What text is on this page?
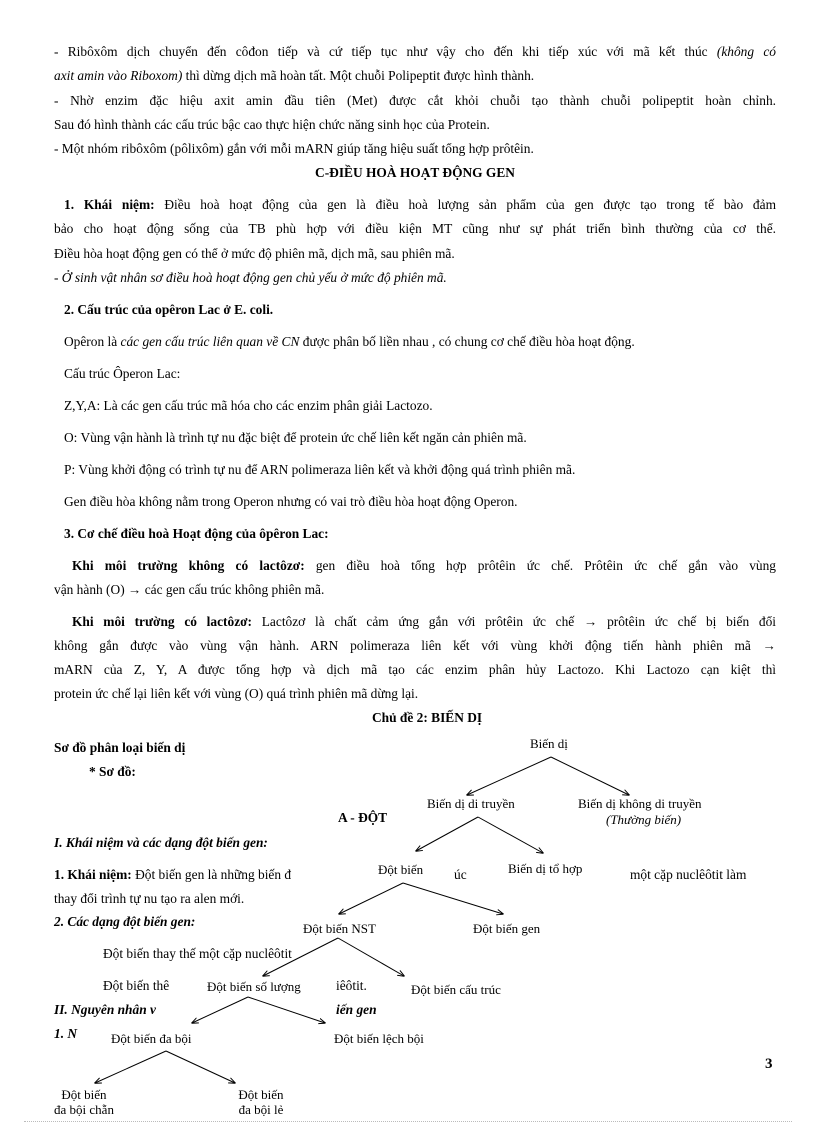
- Ribôxôm dịch chuyển đến côđon tiếp và cứ tiếp tục như vậy cho đến khi tiếp xúc với mã kết thúc (không có
axit amin vào Riboxom) thì dừng dịch mã hoàn tất. Một chuỗi Polipeptit được hình thành.
- Nhờ enzim đặc hiệu axit amin đầu tiên (Met) được cắt khỏi chuỗi tạo thành chuỗi polipeptit hoàn chỉnh.
Sau đó hình thành các cấu trúc bậc cao thực hiện chức năng sinh học của Protein.
- Một nhóm ribôxôm (pôlixôm) gắn với mỗi mARN giúp tăng hiệu suất tổng hợp prôtêin.
C-ĐIỀU HOÀ HOẠT ĐỘNG GEN
1. Khái niệm: Điều hoà hoạt động của gen là điều hoà lượng sản phẩm của gen được tạo trong tế bào đảm
bảo cho hoạt động sống của TB phù hợp với điều kiện MT cũng như sự phát triển bình thường của cơ thể.
Điều hòa hoạt động gen có thể ở mức độ phiên mã, dịch mã, sau phiên mã.
- Ở sinh vật nhân sơ điều hoà hoạt động gen chủ yếu ở mức độ phiên mã.
2. Cấu trúc của opêron Lac ở E. coli.
Opêron là các gen cấu trúc liên quan về CN được phân bố liền nhau , có chung cơ chế điều hòa hoạt động.
Cấu trúc Ôperon Lac:
Z,Y,A: Là các gen cấu trúc mã hóa cho các enzim phân giải Lactozo.
O: Vùng vận hành là trình tự nu đặc biệt để protein ức chế liên kết ngăn cản phiên mã.
P: Vùng khởi động có trình tự nu để ARN polimeraza liên kết và khởi động quá trình phiên mã.
Gen điều hòa không nằm trong Operon nhưng có vai trò điều hòa hoạt động Operon.
3. Cơ chế điều hoà Hoạt động của ôpêron Lac:
Khi môi trường không có lactôzơ: gen điều hoà tổng hợp prôtêin ức chế. Prôtêin ức chế gắn vào vùng
vận hành (O) → các gen cấu trúc không phiên mã.
Khi môi trường có lactôzơ: Lactôzơ là chất cảm ứng gắn với prôtêin ức chế → prôtêin ức chế bị biến đổi
không gắn được vào vùng vận hành. ARN polimeraza liên kết với vùng khởi động tiến hành phiên mã →
mARN của Z, Y, A được tổng hợp và dịch mã tạo các enzim phân hủy Lactozo. Khi Lactozo cạn kiệt thì
protein ức chế lại liên kết với vùng (O) quá trình phiên mã dừng lại.
Chủ đề 2: BIẾN DỊ
Sơ đồ phân loại biến dị
* Sơ đồ:
A - ĐỘT
I. Khái niệm và các dạng đột biến gen:
1. Khái niệm: Đột biến gen là những biến đ	úc	một cặp nuclêôtit làm
thay đổi trình tự nu tạo ra alen mới.
2. Các dạng đột biến gen:
Đột biến thay thế một cặp nuclêôtit
Đột biến thê	iêôtit.
II. Nguyên nhân v	iến gen
1. N
Biến dị
Biến dị di truyền	Biến dị không di truyền
(Thường biến)
Đột biến	Biến dị tổ hợp
Đột biến NST	Đột biến gen
Đột biến số lượng	Đột biến cấu trúc
Đột biến đa bội	Đột biến lệch bội
Đột biến
đa bội chẵn
Đột biến
đa bội lẻ
3
